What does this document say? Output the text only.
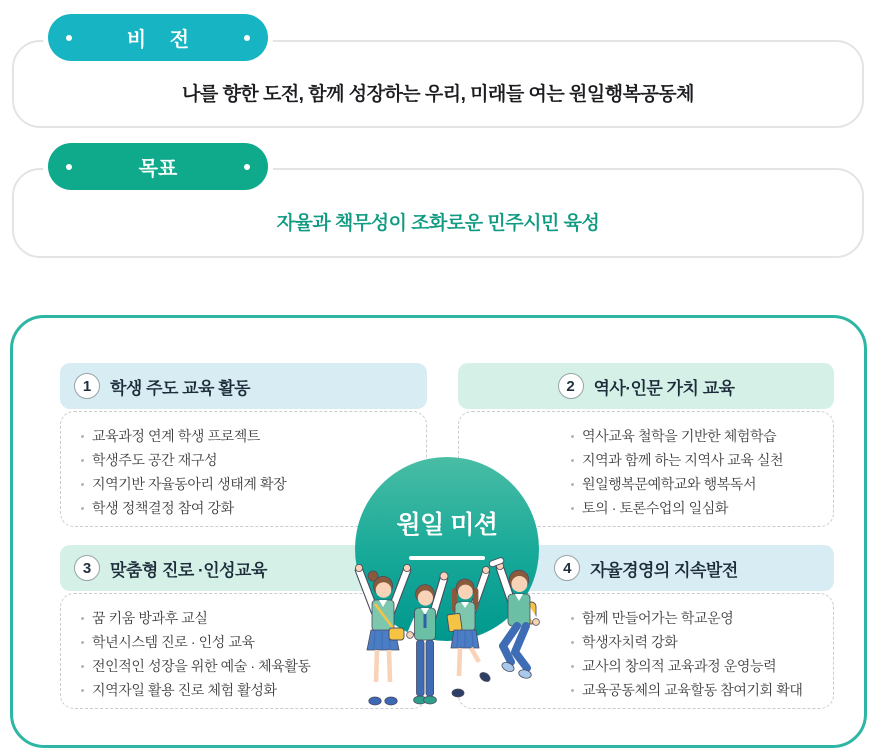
나를 향한 도전, 함께 성장하는 우리, 미래들 여는 원일행복공동체
비 전
자율과 책무성이 조화로운 민주시민 육성
목표
1	학생 주도 교육 활동
교육과정 연계 학생 프로젝트
학생주도 공간 재구성
지역기반 자율동아리 생태계 확장
학생 정책결정 참여 강화
2	역사·인문 가치 교육
역사교육 철학을 기반한 체험학습
지역과 함께 하는 지역사 교육 실천
원일행복문예학교와 행복독서
토의 · 토론수업의 일심화
3	맞춤형 진로 ·인성교육
꿈 키움 방과후 교실
학년시스템 진로 · 인성 교육
전인적인 성장을 위한 예술 · 체육활동
지역자일 활용 진로 체험 활성화
4	자율경영의 지속발전
함께 만들어가는 학교운영
학생자치력 강화
교사의 창의적 교육과정 운영능력
교육공동체의 교육할동 참여기회 확대
원일 미션
